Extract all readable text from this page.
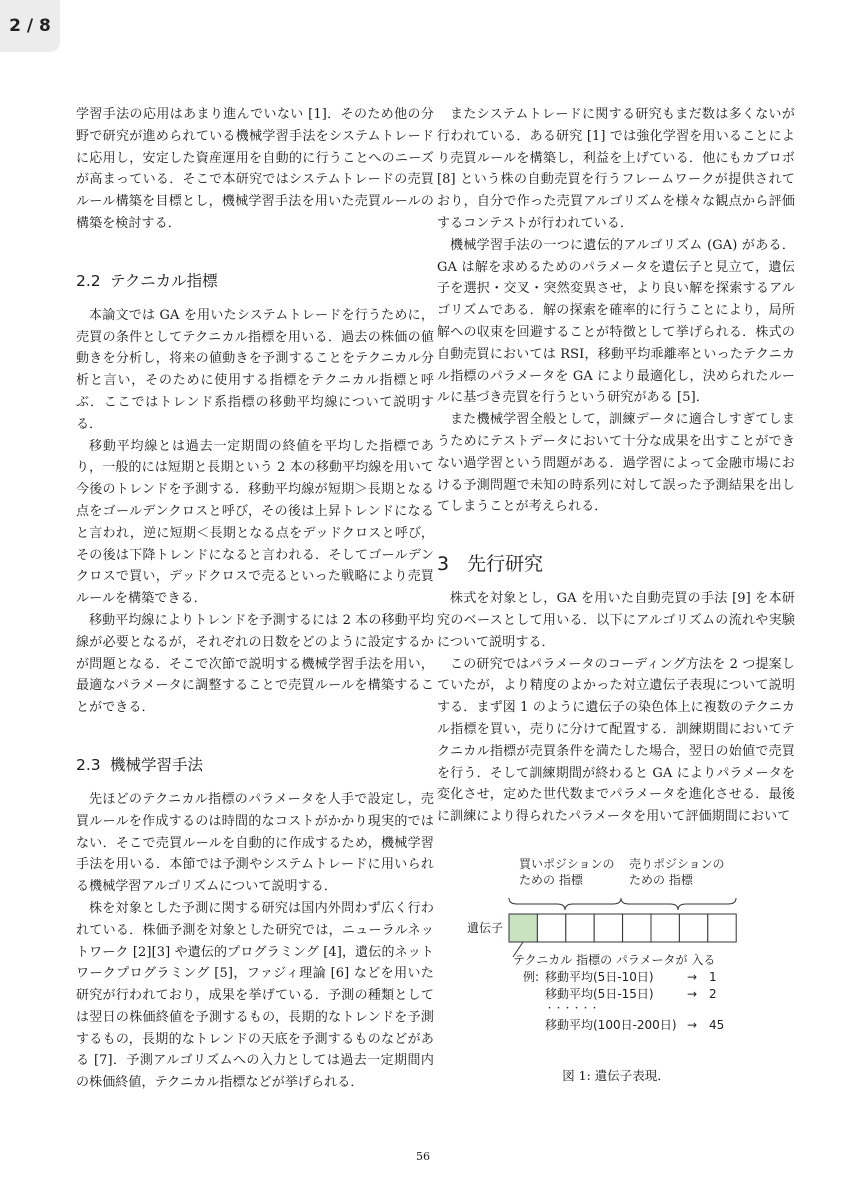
2 / 8

学習手法の応用はあまり進んでいない [1]．そのため他の分野で研究が進められている機械学習手法をシステムトレードに応用し，安定した資産運用を自動的に行うことへのニーズが高まっている．そこで本研究ではシステムトレードの売買ルール構築を目標とし，機械学習手法を用いた売買ルールの構築を検討する．

2.2 テクニカル指標

本論文では GA を用いたシステムトレードを行うために，売買の条件としてテクニカル指標を用いる．過去の株価の値動きを分析し，将来の値動きを予測することをテクニカル分析と言い，そのために使用する指標をテクニカル指標と呼ぶ．ここではトレンド系指標の移動平均線について説明する．

移動平均線とは過去一定期間の終値を平均した指標であり，一般的には短期と長期という 2 本の移動平均線を用いて今後のトレンドを予測する．移動平均線が短期＞長期となる点をゴールデンクロスと呼び，その後は上昇トレンドになると言われ，逆に短期＜長期となる点をデッドクロスと呼び，その後は下降トレンドになると言われる．そしてゴールデンクロスで買い，デッドクロスで売るといった戦略により売買ルールを構築できる．

移動平均線によりトレンドを予測するには 2 本の移動平均線が必要となるが，それぞれの日数をどのように設定するかが問題となる．そこで次節で説明する機械学習手法を用い，最適なパラメータに調整することで売買ルールを構築することができる．

2.3 機械学習手法

先ほどのテクニカル指標のパラメータを人手で設定し，売買ルールを作成するのは時間的なコストがかかり現実的ではない．そこで売買ルールを自動的に作成するため，機械学習手法を用いる．本節では予測やシステムトレードに用いられる機械学習アルゴリズムについて説明する．

株を対象とした予測に関する研究は国内外問わず広く行われている．株価予測を対象とした研究では，ニューラルネットワーク [2][3] や遺伝的プログラミング [4]，遺伝的ネットワークプログラミング [5]，ファジィ理論 [6] などを用いた研究が行われており，成果を挙げている．予測の種類としては翌日の株価終値を予測するもの，長期的なトレンドを予測するもの，長期的なトレンドの天底を予測するものなどがある [7]．予測アルゴリズムへの入力としては過去一定期間内の株価終値，テクニカル指標などが挙げられる．

またシステムトレードに関する研究もまだ数は多くないが行われている．ある研究 [1] では強化学習を用いることにより売買ルールを構築し，利益を上げている．他にもカブロボ [8] という株の自動売買を行うフレームワークが提供されており，自分で作った売買アルゴリズムを様々な観点から評価するコンテストが行われている．

機械学習手法の一つに遺伝的アルゴリズム (GA) がある．GA は解を求めるためのパラメータを遺伝子と見立て，遺伝子を選択・交叉・突然変異させ，より良い解を探索するアルゴリズムである．解の探索を確率的に行うことにより，局所解への収束を回避することが特徴として挙げられる．株式の自動売買においては RSI，移動平均乖離率といったテクニカル指標のパラメータを GA により最適化し，決められたルールに基づき売買を行うという研究がある [5]．

また機械学習全般として，訓練データに適合しすぎてしまうためにテストデータにおいて十分な成果を出すことができない過学習という問題がある．過学習によって金融市場における予測問題で未知の時系列に対して誤った予測結果を出してしまうことが考えられる．

3 先行研究

株式を対象とし，GA を用いた自動売買の手法 [9] を本研究のベースとして用いる．以下にアルゴリズムの流れや実験について説明する．

この研究ではパラメータのコーディング方法を 2 つ提案していたが，より精度のよかった対立遺伝子表現について説明する．まず図 1 のように遺伝子の染色体上に複数のテクニカル指標を買い，売りに分けて配置する．訓練期間においてテクニカル指標が売買条件を満たした場合，翌日の始値で売買を行う．そして訓練期間が終わると GA によりパラメータを変化させ，定めた世代数までパラメータを進化させる．最後に訓練により得られたパラメータを用いて評価期間において

買いポジションの
ための 指標
売りポジションの
ための 指標
遺伝子
テクニカル 指標の パラメータが 入る
例: 移動平均(5日-10日)	→ 1
移動平均(5日-15日)	→ 2
・・・・・・
移動平均(100日-200日) → 45
図 1: 遺伝子表現．
56
